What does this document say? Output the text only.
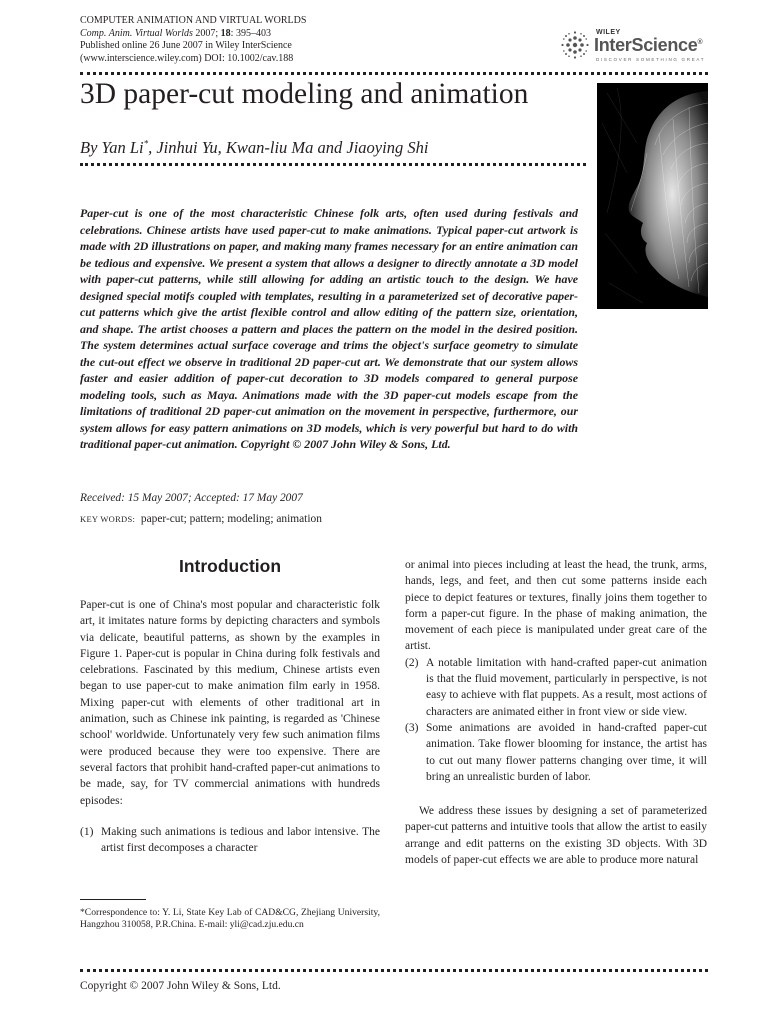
COMPUTER ANIMATION AND VIRTUAL WORLDS
Comp. Anim. Virtual Worlds 2007; 18: 395–403
Published online 26 June 2007 in Wiley InterScience
(www.interscience.wiley.com) DOI: 10.1002/cav.188
WILEY
InterScience®
DISCOVER SOMETHING GREAT
3D paper-cut modeling and animation
By Yan Li*, Jinhui Yu, Kwan-liu Ma and Jiaoying Shi
Paper-cut is one of the most characteristic Chinese folk arts, often used during festivals and celebrations. Chinese artists have used paper-cut to make animations. Typical paper-cut artwork is made with 2D illustrations on paper, and making many frames necessary for an entire animation can be tedious and expensive. We present a system that allows a designer to directly annotate a 3D model with paper-cut patterns, while still allowing for adding an artistic touch to the design. We have designed special motifs coupled with templates, resulting in a parameterized set of decorative paper-cut patterns which give the artist flexible control and allow editing of the pattern size, orientation, and shape. The artist chooses a pattern and places the pattern on the model in the desired position. The system determines actual surface coverage and trims the object's surface geometry to simulate the cut-out effect we observe in traditional 2D paper-cut art. We demonstrate that our system allows faster and easier addition of paper-cut decoration to 3D models compared to general purpose modeling tools, such as Maya. Animations made with the 3D paper-cut models escape from the limitations of traditional 2D paper-cut animation on the movement in perspective, furthermore, our system allows for easy pattern animations on 3D models, which is very powerful but hard to do with traditional paper-cut animation. Copyright © 2007 John Wiley & Sons, Ltd.
Received: 15 May 2007; Accepted: 17 May 2007
KEY WORDS: paper-cut; pattern; modeling; animation
Introduction

Paper-cut is one of China's most popular and characteristic folk art, it imitates nature forms by depicting characters and symbols via delicate, beautiful patterns, as shown by the examples in Figure 1. Paper-cut is popular in China during folk festivals and celebrations. Fascinated by this medium, Chinese artists even began to use paper-cut to make animation film early in 1958. Mixing paper-cut with elements of other traditional art in animation, such as Chinese ink painting, is regarded as 'Chinese school' worldwide. Unfortunately very few such animation films were produced because they were too expensive. There are several factors that prohibit hand-crafted paper-cut animations to be made, say, for TV commercial animations with hundreds episodes:

(1) Making such animations is tedious and labor intensive. The artist first decomposes a character
*Correspondence to: Y. Li, State Key Lab of CAD&CG, Zhejiang University, Hangzhou 310058, P.R.China. E-mail: yli@cad.zju.edu.cn

or animal into pieces including at least the head, the trunk, arms, hands, legs, and feet, and then cut some patterns inside each piece to depict features or textures, finally joins them together to form a paper-cut figure. In the phase of making animation, the movement of each piece is manipulated under great care of the artist.

(2) A notable limitation with hand-crafted paper-cut animation is that the fluid movement, particularly in perspective, is not easy to achieve with flat puppets. As a result, most actions of characters are animated either in front view or side view.
(3) Some animations are avoided in hand-crafted paper-cut animation. Take flower blooming for instance, the artist has to cut out many flower patterns changing over time, it will bring an unrealistic burden of labor.

We address these issues by designing a set of parameterized paper-cut patterns and intuitive tools that allow the artist to easily arrange and edit patterns on the existing 3D objects. With 3D models of paper-cut effects we are able to produce more natural

Copyright © 2007 John Wiley & Sons, Ltd.
